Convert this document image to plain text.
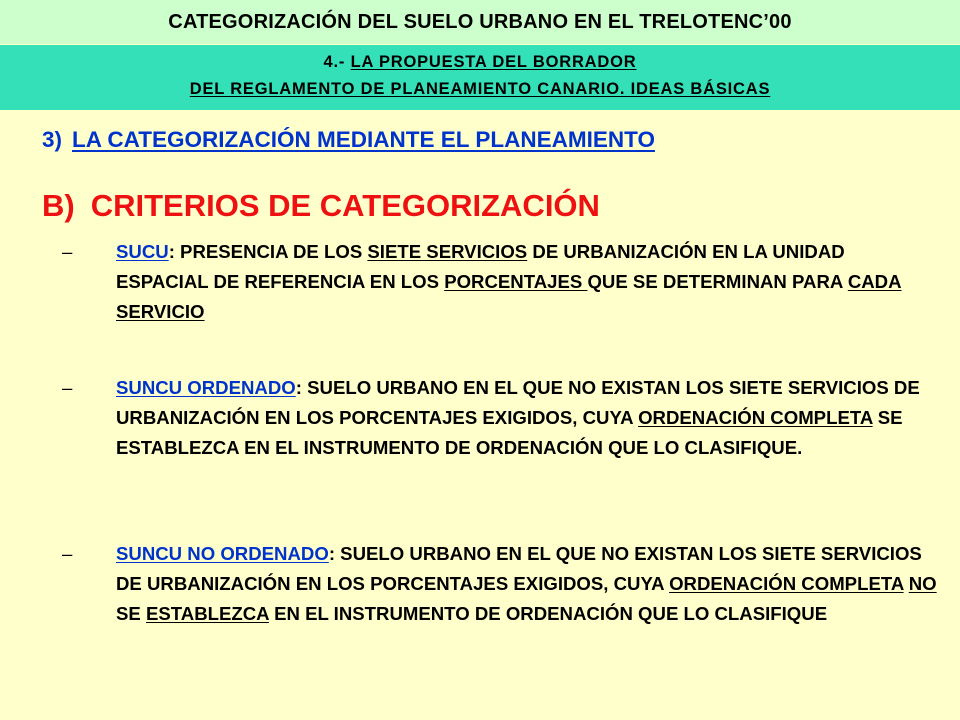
CATEGORIZACIÓN DEL SUELO URBANO EN EL TRELOTENC’00
4.- LA PROPUESTA DEL BORRADOR
DEL REGLAMENTO DE PLANEAMIENTO CANARIO. IDEAS BÁSICAS
3) LA CATEGORIZACIÓN MEDIANTE EL PLANEAMIENTO
B) CRITERIOS DE CATEGORIZACIÓN
– SUCU: PRESENCIA DE LOS SIETE SERVICIOS DE URBANIZACIÓN EN LA UNIDAD ESPACIAL DE REFERENCIA EN LOS PORCENTAJES QUE SE DETERMINAN PARA CADA SERVICIO
– SUNCU ORDENADO: SUELO URBANO EN EL QUE NO EXISTAN LOS SIETE SERVICIOS DE URBANIZACIÓN EN LOS PORCENTAJES EXIGIDOS, CUYA ORDENACIÓN COMPLETA SE ESTABLEZCA EN EL INSTRUMENTO DE ORDENACIÓN QUE LO CLASIFIQUE.
– SUNCU NO ORDENADO: SUELO URBANO EN EL QUE NO EXISTAN LOS SIETE SERVICIOS DE URBANIZACIÓN EN LOS PORCENTAJES EXIGIDOS, CUYA ORDENACIÓN COMPLETA NO SE ESTABLEZCA EN EL INSTRUMENTO DE ORDENACIÓN QUE LO CLASIFIQUE
